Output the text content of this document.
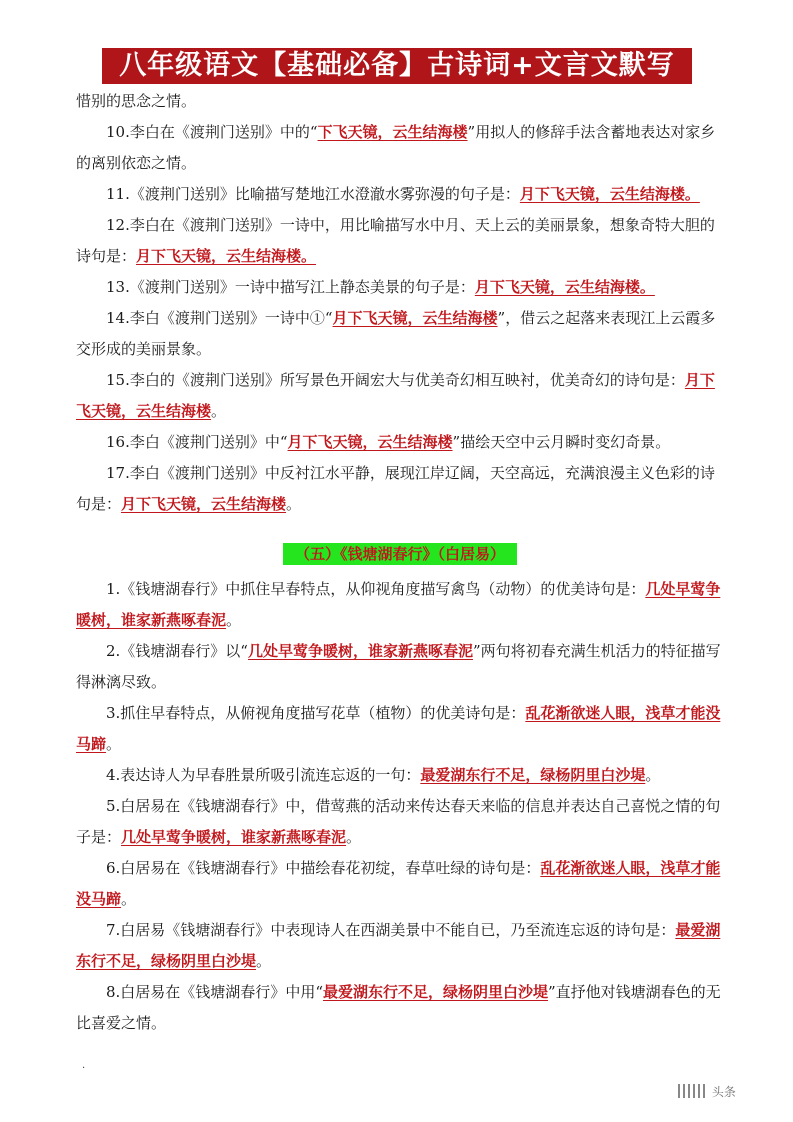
八年级语文【基础必备】古诗词+文言文默写

惜别的思念之情。

10.李白在《渡荆门送别》中的“下飞天镜，云生结海楼”用拟人的修辞手法含蓄地表达对家乡的离别依恋之情。

11.《渡荆门送别》比喻描写楚地江水澄澈水雾弥漫的句子是：月下飞天镜，云生结海楼。

12.李白在《渡荆门送别》一诗中，用比喻描写水中月、天上云的美丽景象，想象奇特大胆的诗句是：月下飞天镜，云生结海楼。

13.《渡荆门送别》一诗中描写江上静态美景的句子是：月下飞天镜，云生结海楼。

14.李白《渡荆门送别》一诗中①“月下飞天镜，云生结海楼”，借云之起落来表现江上云霞多交形成的美丽景象。

15.李白的《渡荆门送别》所写景色开阔宏大与优美奇幻相互映衬，优美奇幻的诗句是：月下飞天镜，云生结海楼。

16.李白《渡荆门送别》中“月下飞天镜，云生结海楼”描绘天空中云月瞬时变幻奇景。

17.李白《渡荆门送别》中反衬江水平静，展现江岸辽阔，天空高远，充满浪漫主义色彩的诗句是：月下飞天镜，云生结海楼。

（五）《钱塘湖春行》（白居易）

1.《钱塘湖春行》中抓住早春特点，从仰视角度描写禽鸟（动物）的优美诗句是：几处早莺争暖树，谁家新燕啄春泥。

2.《钱塘湖春行》以“几处早莺争暖树，谁家新燕啄春泥”两句将初春充满生机活力的特征描写得淋漓尽致。

3.抓住早春特点，从俯视角度描写花草（植物）的优美诗句是：乱花渐欲迷人眼，浅草才能没马蹄。

4.表达诗人为早春胜景所吸引流连忘返的一句：最爱湖东行不足，绿杨阴里白沙堤。

5.白居易在《钱塘湖春行》中，借莺燕的活动来传达春天来临的信息并表达自己喜悦之情的句子是：几处早莺争暖树，谁家新燕啄春泥。

6.白居易在《钱塘湖春行》中描绘春花初绽，春草吐绿的诗句是：乱花渐欲迷人眼，浅草才能没马蹄。

7.白居易《钱塘湖春行》中表现诗人在西湖美景中不能自已，乃至流连忘返的诗句是：最爱湖东行不足，绿杨阴里白沙堤。

8.白居易在《钱塘湖春行》中用“最爱湖东行不足，绿杨阴里白沙堤”直抒他对钱塘湖春色的无比喜爱之情。

.
头条
